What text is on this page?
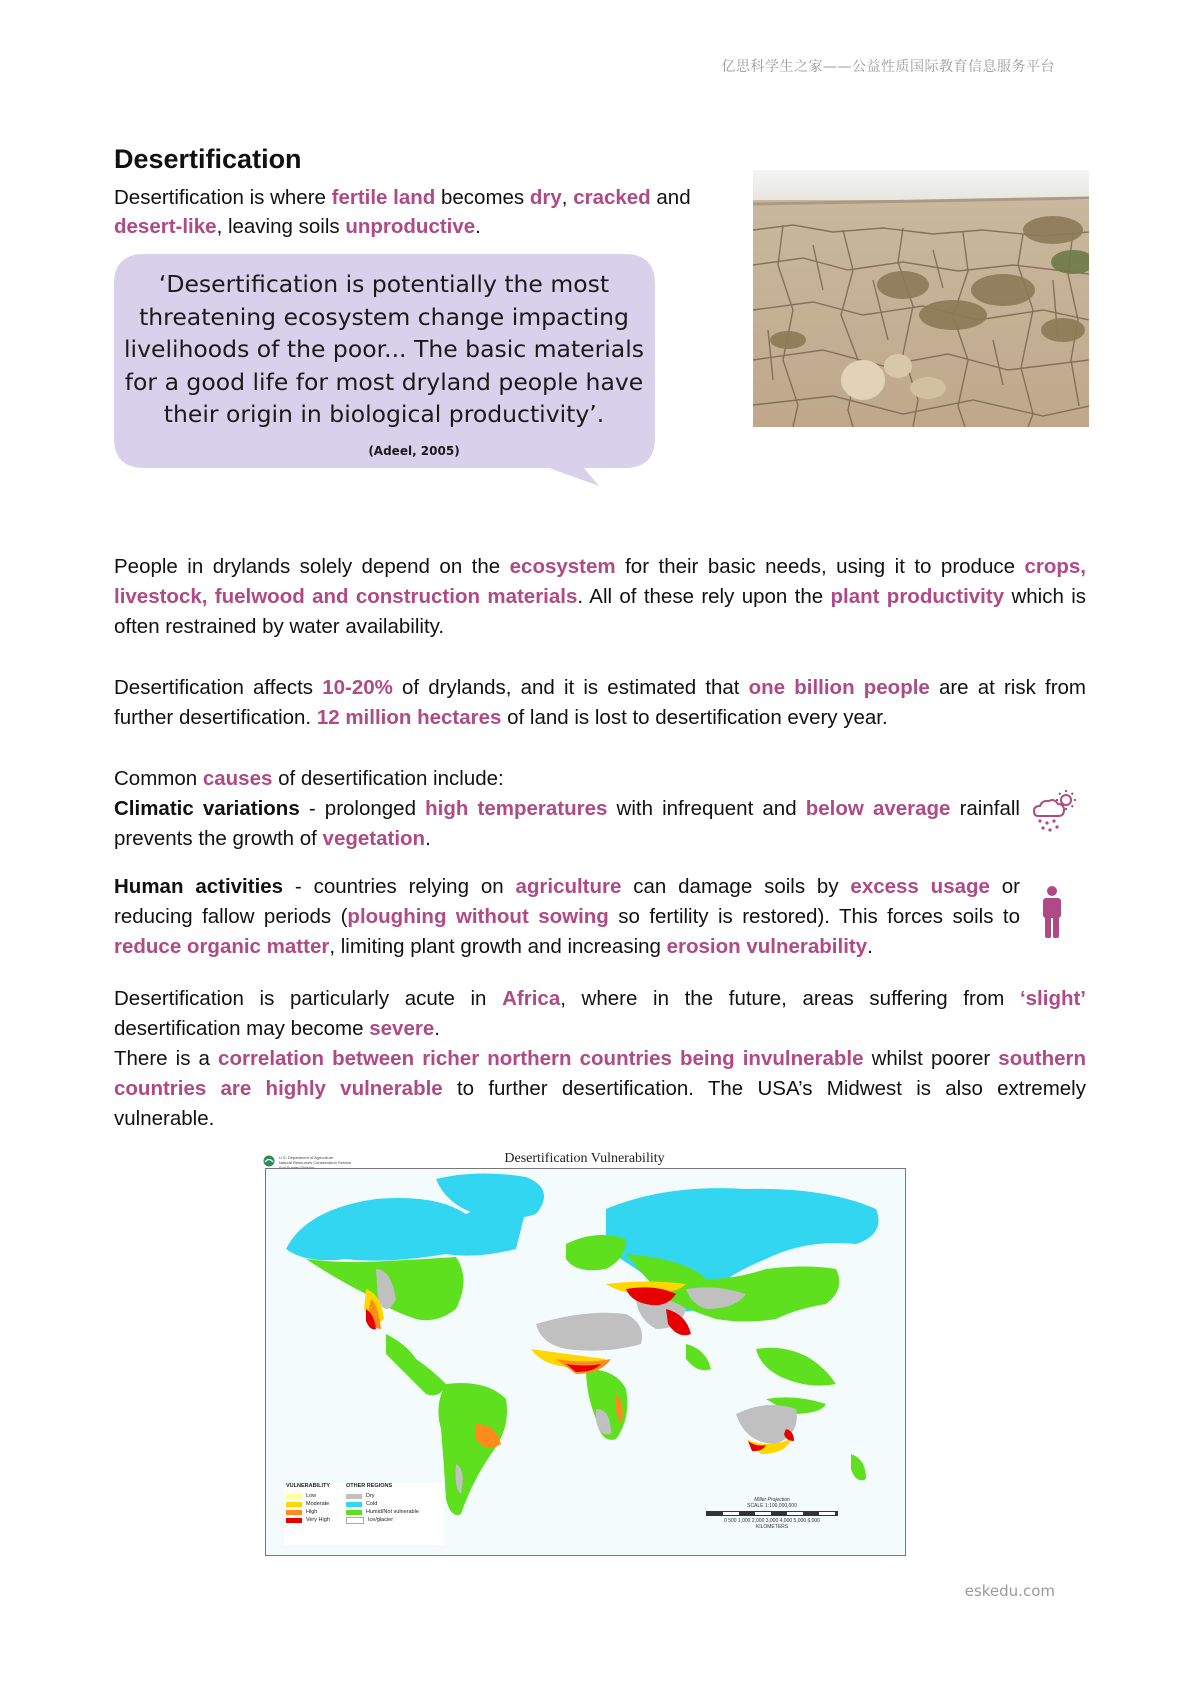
亿思科学生之家——公益性质国际教育信息服务平台
Desertification

Desertification is where fertile land becomes dry, cracked and desert-like, leaving soils unproductive.

‘Desertification is potentially the most threatening ecosystem change impacting livelihoods of the poor... The basic materials for a good life for most dryland people have their origin in biological productivity’.(Adeel, 2005)

People in drylands solely depend on the ecosystem for their basic needs, using it to produce crops, livestock, fuelwood and construction materials. All of these rely upon the plant productivity which is often restrained by water availability.

Desertification affects 10-20% of drylands, and it is estimated that one billion people are at risk from further desertification. 12 million hectares of land is lost to desertification every year.

Common causes of desertification include:

Climatic variations - prolonged high temperatures with infrequent and below average rainfall prevents the growth of vegetation.

Human activities - countries relying on agriculture can damage soils by excess usage or reducing fallow periods (ploughing without sowing so fertility is restored). This forces soils to reduce organic matter, limiting plant growth and increasing erosion vulnerability.

Desertification is particularly acute in Africa, where in the future, areas suffering from ‘slight’ desertification may become severe.
There is a correlation between richer northern countries being invulnerable whilst poorer southern countries are highly vulnerable to further desertification. The USA’s Midwest is also extremely vulnerable.

U.S. Department of Agriculture
Natural Resources Conservation Service	Desertification Vulnerability
VULNERABILITY
Low
Moderate
High
Very High
OTHER REGIONS
Dry
Cold
Humid/Not vulnerable
Ice/glacier
Miller Projection
SCALE 1:100,000,000
0 500 1,000 2,000 3,000 4,000 5,000 6,000
KILOMETERS
eskedu.com
